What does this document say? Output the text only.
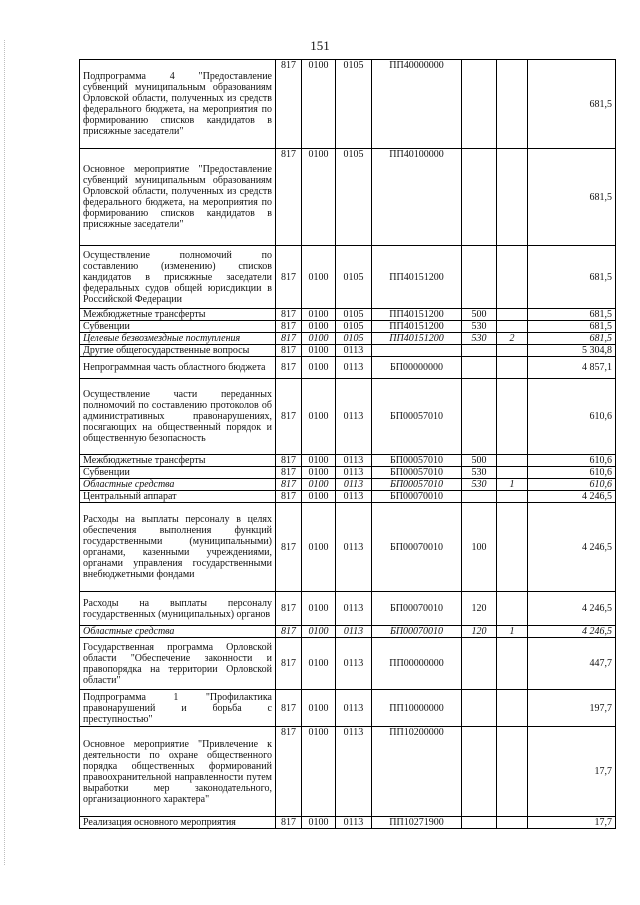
151
Подпрограмма 4 "Предоставление субвенций муниципальным образованиям Орловской области, полученных из средств федерального бюджета, на мероприятия по формированию списков кандидатов в присяжные заседатели"	817	0100	0105	ПП40000000			681,5
Основное мероприятие "Предоставление субвенций муниципальным образованиям Орловской области, полученных из средств федерального бюджета, на мероприятия по формированию списков кандидатов в присяжные заседатели"	817	0100	0105	ПП40100000			681,5
Осуществление полномочий по составлению (изменению) списков кандидатов в присяжные заседатели федеральных судов общей юрисдикции в Российской Федерации	817	0100	0105	ПП40151200			681,5
Межбюджетные трансферты	817	0100	0105	ПП40151200	500		681,5
Субвенции	817	0100	0105	ПП40151200	530		681,5
Целевые безвозмездные поступления	817	0100	0105	ПП40151200	530	2	681,5
Другие общегосударственные вопросы	817	0100	0113				5 304,8
Непрограммная часть областного бюджета	817	0100	0113	БП00000000			4 857,1
Осуществление части переданных полномочий по составлению протоколов об административных правонарушениях, посягающих на общественный порядок и общественную безопасность	817	0100	0113	БП00057010			610,6
Межбюджетные трансферты	817	0100	0113	БП00057010	500		610,6
Субвенции	817	0100	0113	БП00057010	530		610,6
Областные средства	817	0100	0113	БП00057010	530	1	610,6
Центральный аппарат	817	0100	0113	БП00070010			4 246,5
Расходы на выплаты персоналу в целях обеспечения выполнения функций государственными (муниципальными) органами, казенными учреждениями, органами управления государственными внебюджетными фондами	817	0100	0113	БП00070010	100		4 246,5
Расходы на выплаты персоналу государственных (муниципальных) органов	817	0100	0113	БП00070010	120		4 246,5
Областные средства	817	0100	0113	БП00070010	120	1	4 246,5
Государственная программа Орловской области "Обеспечение законности и правопорядка на территории Орловской области"	817	0100	0113	ПП00000000			447,7
Подпрограмма 1 "Профилактика правонарушений и борьба с преступностью"	817	0100	0113	ПП10000000			197,7
Основное мероприятие "Привлечение к деятельности по охране общественного порядка общественных формирований правоохранительной направленности путем выработки мер законодательного, организационного характера"	817	0100	0113	ПП10200000			17,7
Реализация основного мероприятия	817	0100	0113	ПП10271900			17,7
